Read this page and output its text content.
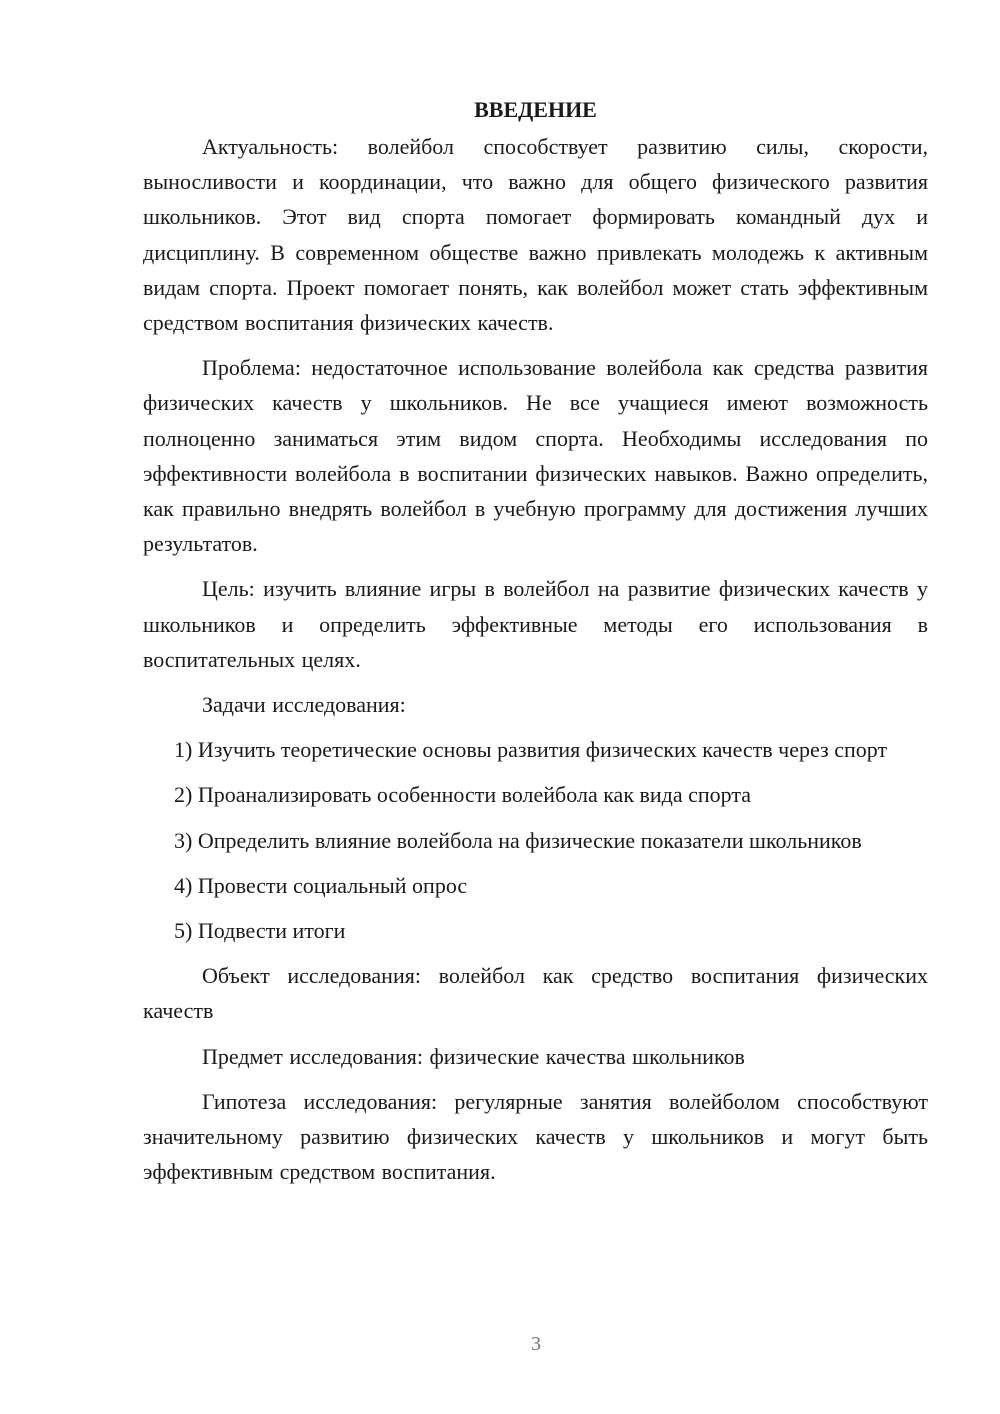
ВВЕДЕНИЕ

Актуальность: волейбол способствует развитию силы, скорости, выносливости и координации, что важно для общего физического развития школьников. Этот вид спорта помогает формировать командный дух и дисциплину. В современном обществе важно привлекать молодежь к активным видам спорта. Проект помогает понять, как волейбол может стать эффективным средством воспитания физических качеств.

Проблема: недостаточное использование волейбола как средства развития физических качеств у школьников. Не все учащиеся имеют возможность полноценно заниматься этим видом спорта. Необходимы исследования по эффективности волейбола в воспитании физических навыков. Важно определить, как правильно внедрять волейбол в учебную программу для достижения лучших результатов.

Цель: изучить влияние игры в волейбол на развитие физических качеств у школьников и определить эффективные методы его использования в воспитательных целях.

Задачи исследования:

1) Изучить теоретические основы развития физических качеств через спорт

2) Проанализировать особенности волейбола как вида спорта

3) Определить влияние волейбола на физические показатели школьников

4) Провести социальный опрос

5) Подвести итоги

Объект исследования: волейбол как средство воспитания физических качеств

Предмет исследования: физические качества школьников

Гипотеза исследования: регулярные занятия волейболом способствуют значительному развитию физических качеств у школьников и могут быть эффективным средством воспитания.

3
